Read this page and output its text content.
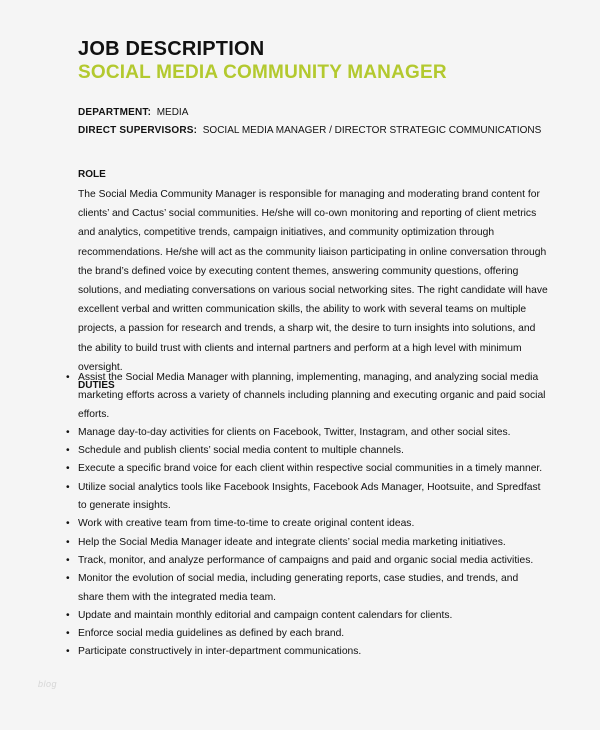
JOB DESCRIPTION
SOCIAL MEDIA COMMUNITY MANAGER
DEPARTMENT: MEDIA
DIRECT SUPERVISORS: SOCIAL MEDIA MANAGER / DIRECTOR STRATEGIC COMMUNICATIONS
ROLE

The Social Media Community Manager is responsible for managing and moderating brand content for clients’ and Cactus’ social communities. He/she will co-own monitoring and reporting of client metrics and analytics, competitive trends, campaign initiatives, and community optimization through recommendations. He/she will act as the community liaison participating in online conversation through the brand’s defined voice by executing content themes, answering community questions, offering solutions, and mediating conversations on various social networking sites. The right candidate will have excellent verbal and written communication skills, the ability to work with several teams on multiple projects, a passion for research and trends, a sharp wit, the desire to turn insights into solutions, and the ability to build trust with clients and internal partners and perform at a high level with minimum oversight.

DUTIES
• Assist the Social Media Manager with planning, implementing, managing, and analyzing social media marketing efforts across a variety of channels including planning and executing organic and paid social efforts.
• Manage day-to-day activities for clients on Facebook, Twitter, Instagram, and other social sites.
• Schedule and publish clients’ social media content to multiple channels.
• Execute a specific brand voice for each client within respective social communities in a timely manner.
• Utilize social analytics tools like Facebook Insights, Facebook Ads Manager, Hootsuite, and Spredfast to generate insights.
• Work with creative team from time-to-time to create original content ideas.
• Help the Social Media Manager ideate and integrate clients’ social media marketing initiatives.
• Track, monitor, and analyze performance of campaigns and paid and organic social media activities.
• Monitor the evolution of social media, including generating reports, case studies, and trends, and share them with the integrated media team.
• Update and maintain monthly editorial and campaign content calendars for clients.
• Enforce social media guidelines as defined by each brand.
• Participate constructively in inter-department communications.
blog
